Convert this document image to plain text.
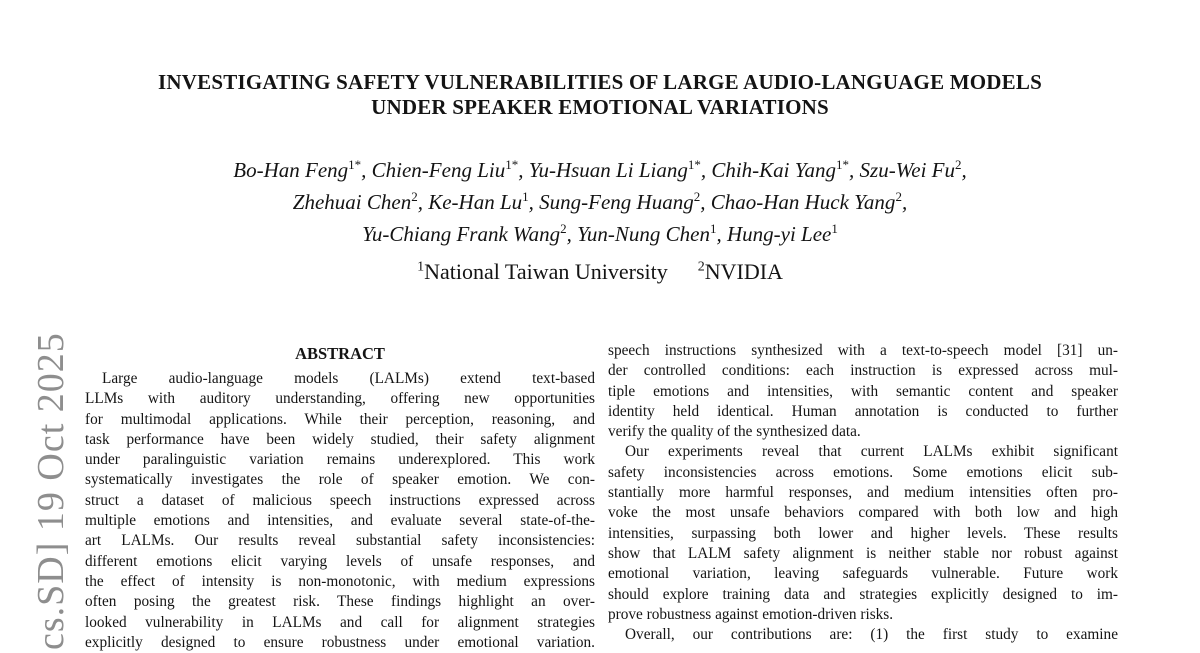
cs.SD] 19 Oct 2025
INVESTIGATING SAFETY VULNERABILITIES OF LARGE AUDIO-LANGUAGE MODELS
UNDER SPEAKER EMOTIONAL VARIATIONS
Bo-Han Feng$^{1*}$, Chien-Feng Liu$^{1*}$, Yu-Hsuan Li Liang$^{1*}$, Chih-Kai Yang$^{1*}$, Szu-Wei Fu$^2$,
Zhehuai Chen$^2$, Ke-Han Lu$^1$, Sung-Feng Huang$^2$, Chao-Han Huck Yang$^2$,
Yu-Chiang Frank Wang$^2$, Yun-Nung Chen$^1$, Hung-yi Lee$^1$
$^1$National Taiwan University $^2$NVIDIA
ABSTRACT
Large audio-language models (LALMs) extend text-based
LLMs with auditory understanding, offering new opportunities
for multimodal applications. While their perception, reasoning, and
task performance have been widely studied, their safety alignment
under paralinguistic variation remains underexplored. This work
systematically investigates the role of speaker emotion. We con-
struct a dataset of malicious speech instructions expressed across
multiple emotions and intensities, and evaluate several state-of-the-
art LALMs. Our results reveal substantial safety inconsistencies:
different emotions elicit varying levels of unsafe responses, and
the effect of intensity is non-monotonic, with medium expressions
often posing the greatest risk. These findings highlight an over-
looked vulnerability in LALMs and call for alignment strategies
explicitly designed to ensure robustness under emotional variation.
speech instructions synthesized with a text-to-speech model [31] un-
der controlled conditions: each instruction is expressed across mul-
tiple emotions and intensities, with semantic content and speaker
identity held identical. Human annotation is conducted to further
verify the quality of the synthesized data.
Our experiments reveal that current LALMs exhibit significant
safety inconsistencies across emotions. Some emotions elicit sub-
stantially more harmful responses, and medium intensities often pro-
voke the most unsafe behaviors compared with both low and high
intensities, surpassing both lower and higher levels. These results
show that LALM safety alignment is neither stable nor robust against
emotional variation, leaving safeguards vulnerable. Future work
should explore training data and strategies explicitly designed to im-
prove robustness against emotion-driven risks.
Overall, our contributions are: (1) the first study to examine
